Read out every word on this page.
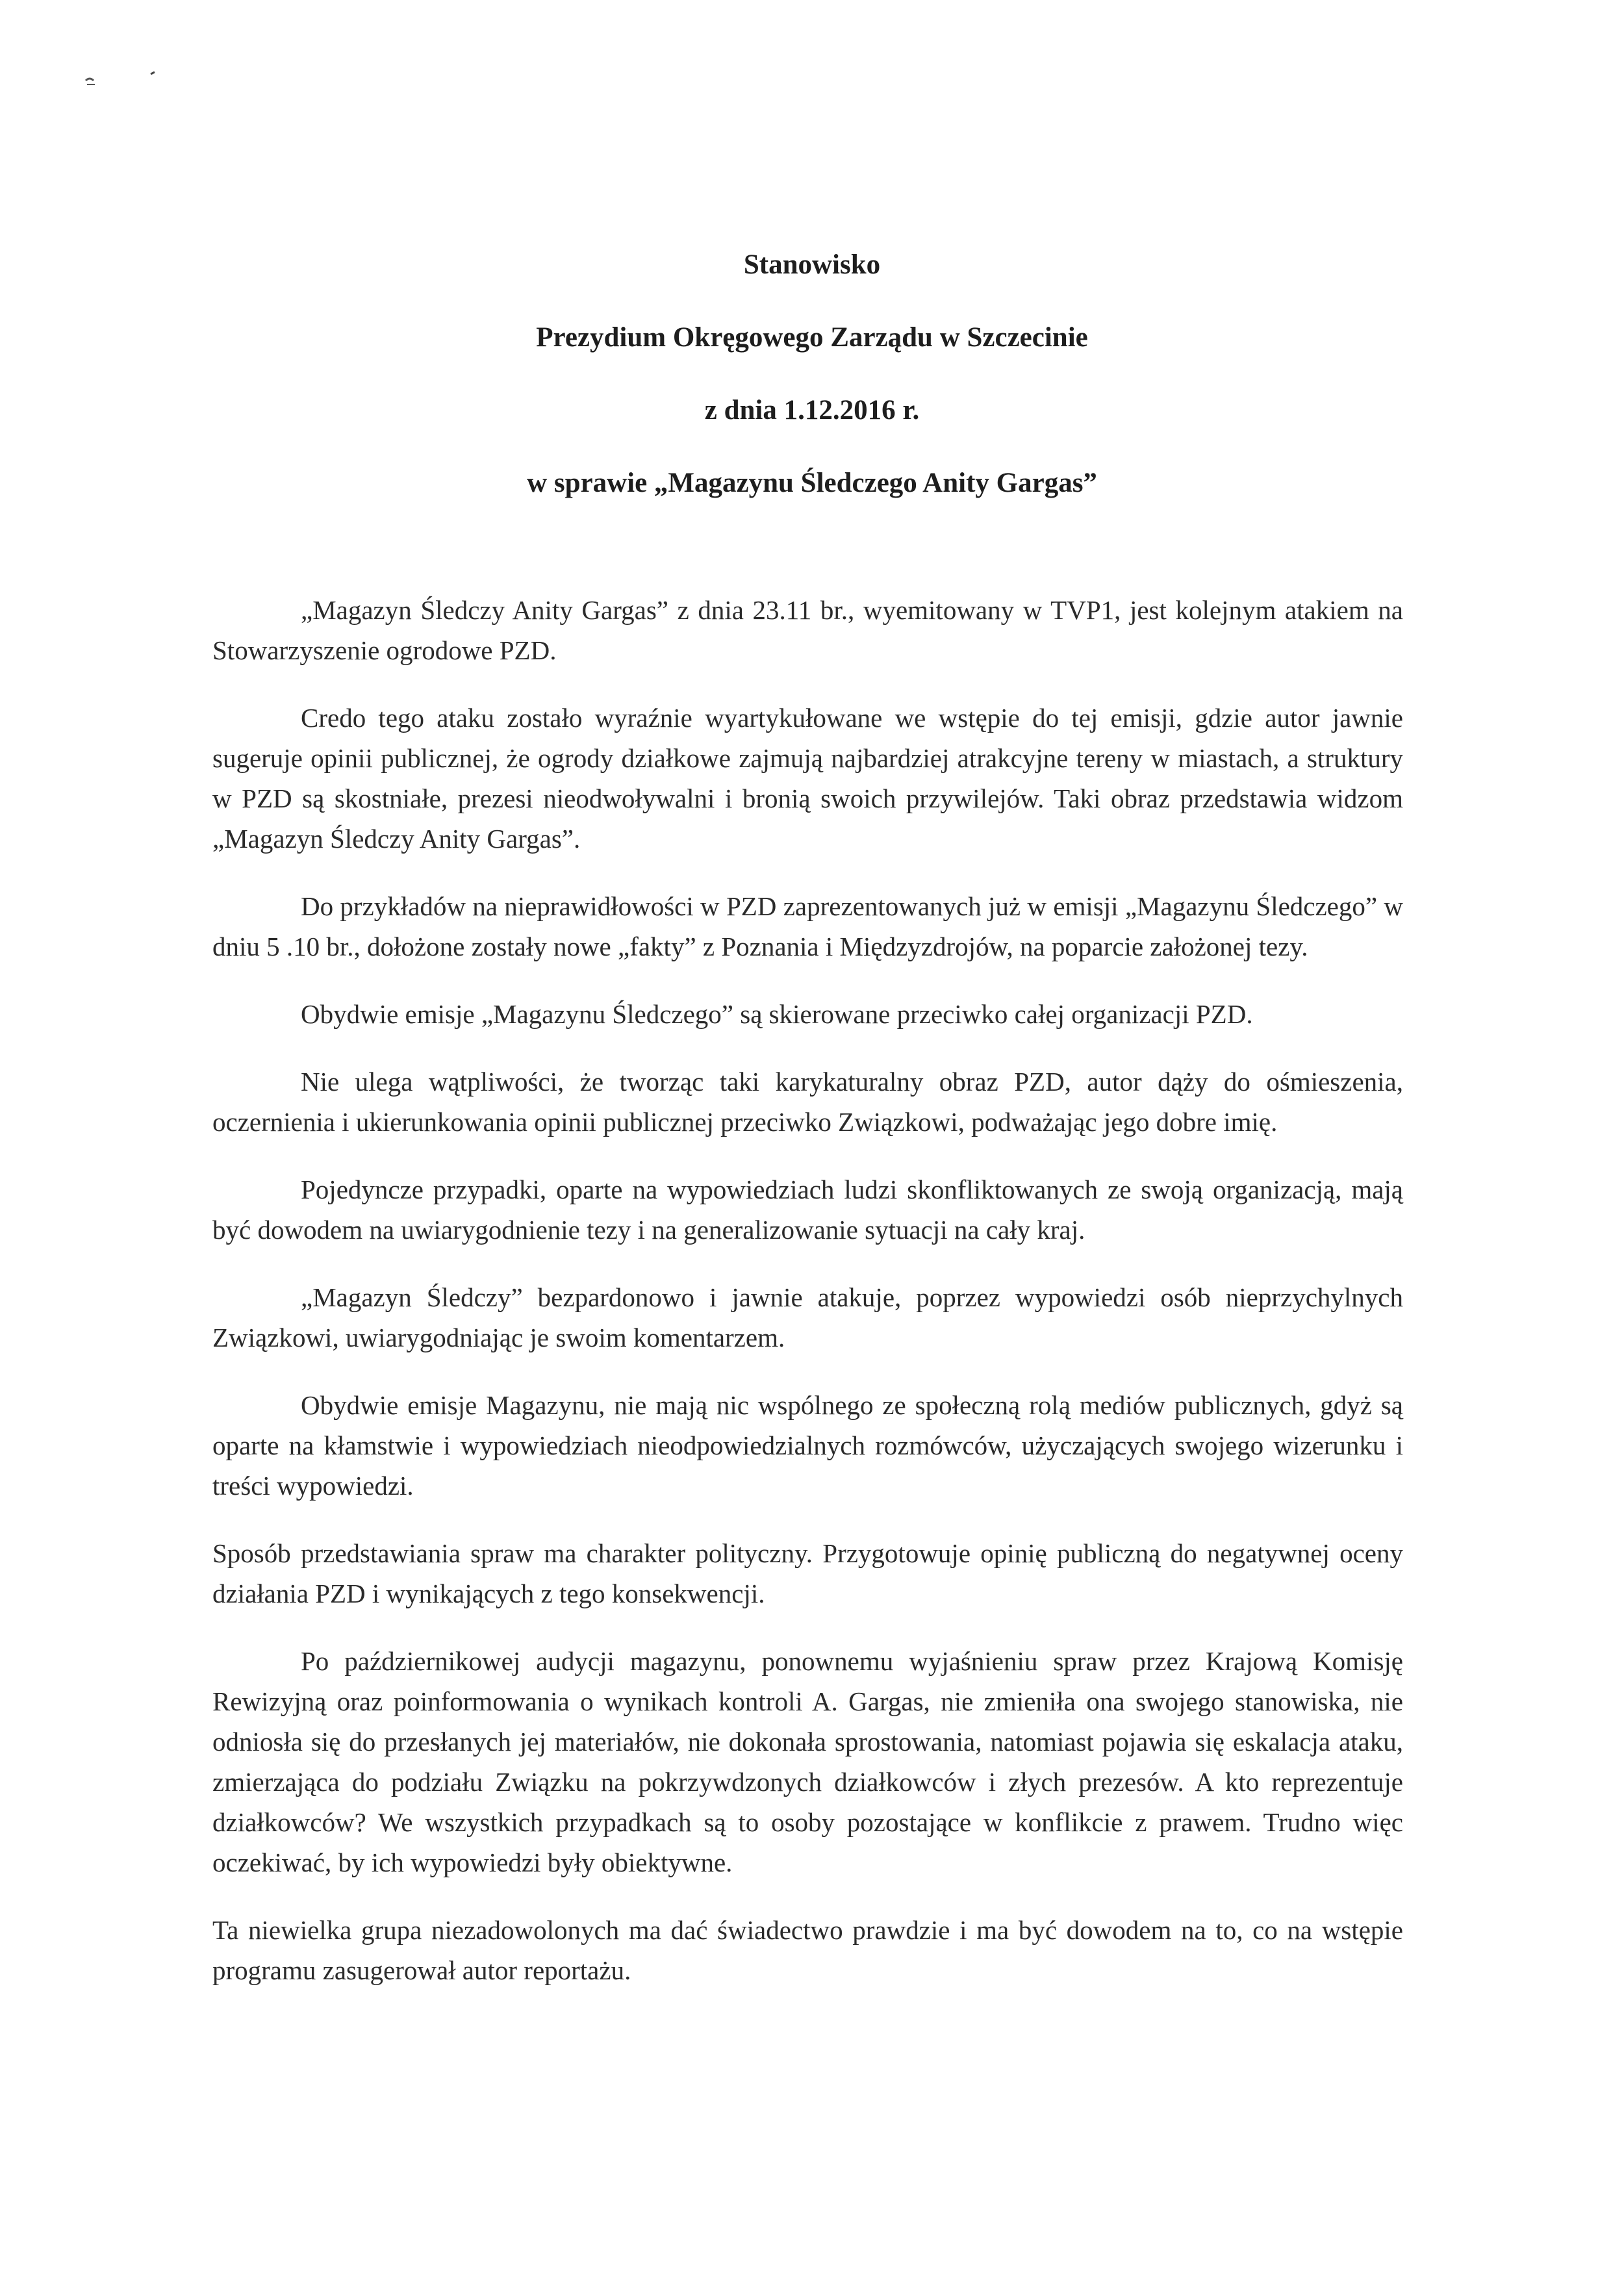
Stanowisko
Prezydium Okręgowego Zarządu w Szczecinie
z dnia 1.12.2016 r.
w sprawie „Magazynu Śledczego Anity Gargas”

„Magazyn Śledczy Anity Gargas” z dnia 23.11 br., wyemitowany w TVP1, jest kolejnym atakiem na Stowarzyszenie ogrodowe PZD.

Credo tego ataku zostało wyraźnie wyartykułowane we wstępie do tej emisji, gdzie autor jawnie sugeruje opinii publicznej, że ogrody działkowe zajmują najbardziej atrakcyjne tereny w miastach, a struktury w PZD są skostniałe, prezesi nieodwoływalni i bronią swoich przywilejów. Taki obraz przedstawia widzom „Magazyn Śledczy Anity Gargas”.

Do przykładów na nieprawidłowości w PZD zaprezentowanych już w emisji „Magazynu Śledczego” w dniu 5 .10 br., dołożone zostały nowe „fakty” z Poznania i Międzyzdrojów, na poparcie założonej tezy.

Obydwie emisje „Magazynu Śledczego” są skierowane przeciwko całej organizacji PZD.

Nie ulega wątpliwości, że tworząc taki karykaturalny obraz PZD, autor dąży do ośmieszenia, oczernienia i ukierunkowania opinii publicznej przeciwko Związkowi, podważając jego dobre imię.

Pojedyncze przypadki, oparte na wypowiedziach ludzi skonfliktowanych ze swoją organizacją, mają być dowodem na uwiarygodnienie tezy i na generalizowanie sytuacji na cały kraj.

„Magazyn Śledczy” bezpardonowo i jawnie atakuje, poprzez wypowiedzi osób nieprzychylnych Związkowi, uwiarygodniając je swoim komentarzem.

Obydwie emisje Magazynu, nie mają nic wspólnego ze społeczną rolą mediów publicznych, gdyż są oparte na kłamstwie i wypowiedziach nieodpowiedzialnych rozmówców, użyczających swojego wizerunku i treści wypowiedzi.

Sposób przedstawiania spraw ma charakter polityczny. Przygotowuje opinię publiczną do negatywnej oceny działania PZD i wynikających z tego konsekwencji.

Po październikowej audycji magazynu, ponownemu wyjaśnieniu spraw przez Krajową Komisję Rewizyjną oraz poinformowania o wynikach kontroli A. Gargas, nie zmieniła ona swojego stanowiska, nie odniosła się do przesłanych jej materiałów, nie dokonała sprostowania, natomiast pojawia się eskalacja ataku, zmierzająca do podziału Związku na pokrzywdzonych działkowców i złych prezesów. A kto reprezentuje działkowców? We wszystkich przypadkach są to osoby pozostające w konflikcie z prawem. Trudno więc oczekiwać, by ich wypowiedzi były obiektywne.

Ta niewielka grupa niezadowolonych ma dać świadectwo prawdzie i ma być dowodem na to, co na wstępie programu zasugerował autor reportażu.
